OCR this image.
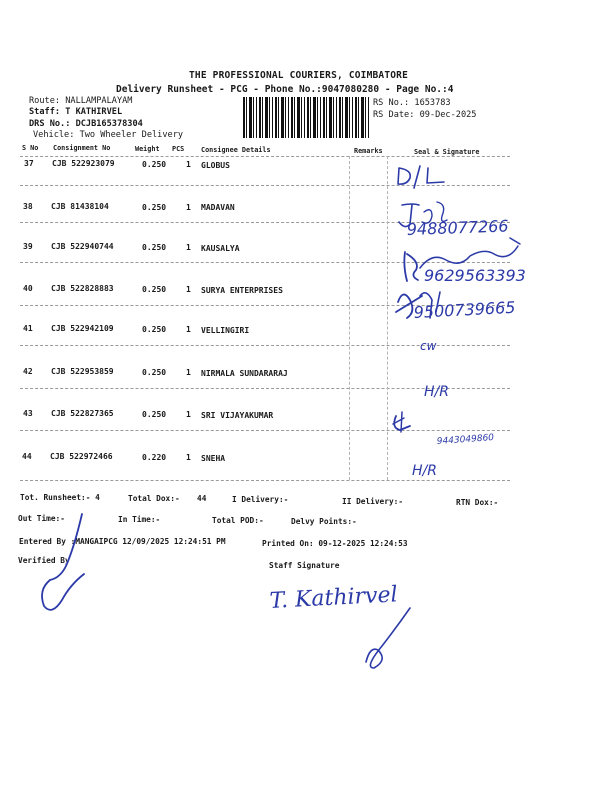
THE PROFESSIONAL COURIERS, COIMBATORE
Delivery Runsheet - PCG - Phone No.:9047080280 - Page No.:4
Route: NALLAMPALAYAM
Staff: T KATHIRVEL
DRS No.: DCJB165378304
Vehicle: Two Wheeler Delivery
RS No.: 1653783
RS Date: 09-Dec-2025
S No Consignment No	Weight PCS Consignee Details	Remarks	Seal & Signature
37 CJB 522923079	0.250 1 GLOBUS
38 CJB 81438104	0.250 1 MADAVAN
39 CJB 522940744	0.250 1 KAUSALYA
40 CJB 522828883	0.250 1 SURYA ENTERPRISES
41 CJB 522942109	0.250 1 VELLINGIRI
42 CJB 522953859	0.250 1 NIRMALA SUNDARARAJ
43 CJB 522827365	0.250 1 SRI VIJAYAKUMAR
44 CJB 522972466	0.220 1 SNEHA
Tot. Runsheet:- 4	Total Dox:- 44	I Delivery:-	II Delivery:-	RTN Dox:-
Out Time:-	In Time:-	Total POD:-	Delvy Points:-
Entered By :MANGAIPCG 12/09/2025 12:24:51 PM	Printed On: 09-12-2025 12:24:53
Verified By
Staff Signature
9488077266
9629563393
9500739665
cw
H/R
9443049860
H/R
T. Kathirvel
